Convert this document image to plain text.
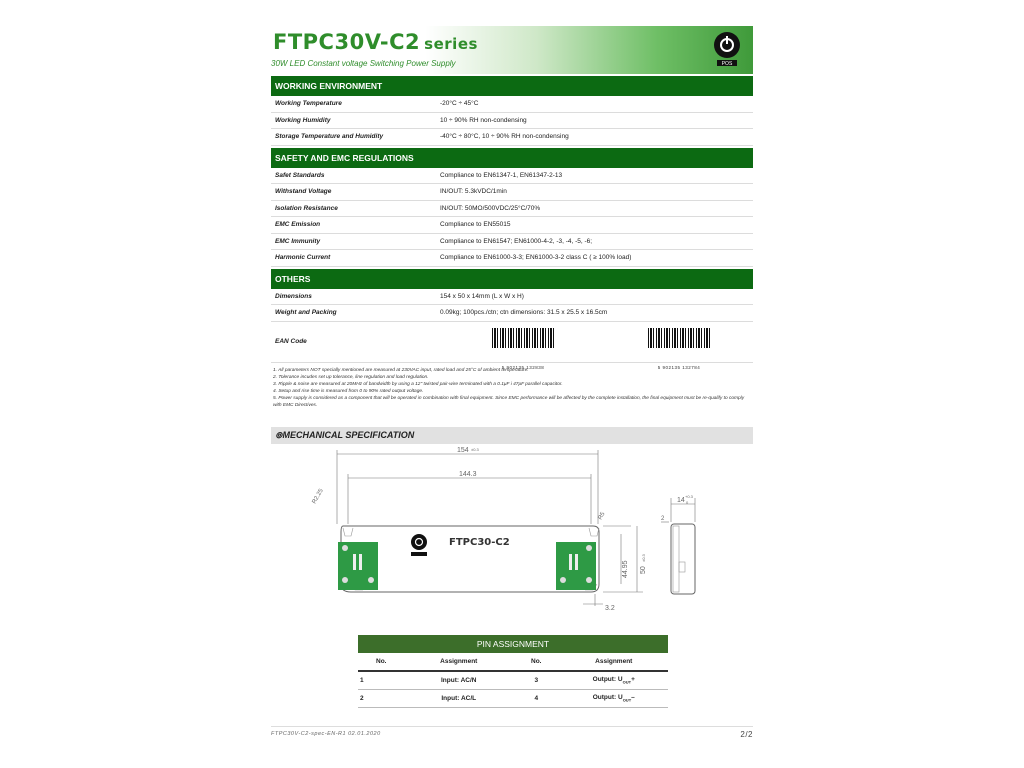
FTPC30V-C2 series
30W LED Constant voltage Switching Power Supply	POS
WORKING ENVIRONMENT
Working Temperature	-20°C ÷ 45°C
Working Humidity	10 ÷ 90% RH non-condensing
Storage Temperature and Humidity	-40°C ÷ 80°C, 10 ÷ 90% RH non-condensing
SAFETY AND EMC REGULATIONS
Safet Standards	Compliance to EN61347-1, EN61347-2-13
Withstand Voltage	IN/OUT: 5.3kVDC/1min
Isolation Resistance	IN/OUT: 50MO/500VDC/25°C/70%
EMC Emission	Compliance to EN55015
EMC Immunity	Compliance to EN61547; EN61000-4-2, -3, -4, -5, -6;
Harmonic Current	Compliance to EN61000-3-3; EN61000-3-2 class C ( ≥ 100% load)
OTHERS
Dimensions	154 x 50 x 14mm (L x W x H)
Weight and Packing	0.09kg; 100pcs./ctn; ctn dimensions: 31.5 x 25.5 x 16.5cm
EAN Code
5 902135 132838	5 902135 132784
1. All parameters NOT specially mentioned are measured at 230VAC input, rated load and 25°C of ambient temperature.
2. Tolerance incudes set up tolerance, line regulation and load regulation.
3. Ripple & noise are measured at 20MHz of bandwidth by using a 12" twisted pair-wire terminated with a 0.1μF i 47μF parallel capacitor.
4. Setup and rise time is measured from 0 to 90% rated output voltage.
5. Power supply is considered as a component that will be operated in combination with final equipment. Since EMC performance will be affected by the complete installation, the final equipment must be re-qualify to comply with EMC Directives.
⊚MECHANICAL SPECIFICATION
FTPC30-C2
154 ±0.3
144.3
R2.25
R5
44.95 50
±0.3
3.2
14
+0.3
0
2
PIN ASSIGNMENT
No.	Assignment	No.	Assignment
1	Input: AC/N	3	Output: $U_{OUT}+$
2	Input: AC/L	4	Output: $U_{OUT}-$
FTPC30V-C2-spec-EN-R1 02.01.2020	2/2
